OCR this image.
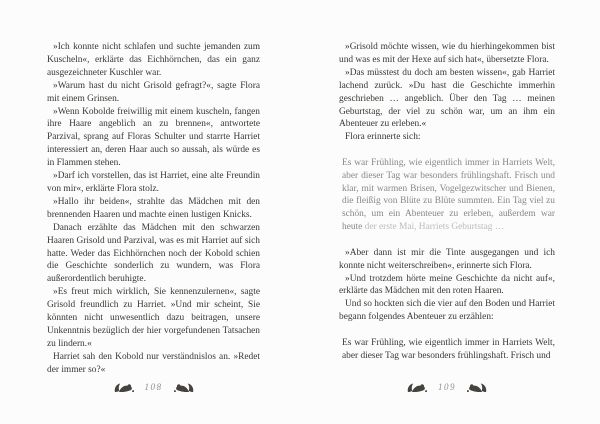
»Ich konnte nicht schlafen und suchte jemanden zum Kuscheln«, erklärte das Eichhörnchen, das ein ganz ausgezeichneter Kuschler war.

»Warum hast du nicht Grisold gefragt?«, sagte Flora mit einem Grinsen.

»Wenn Kobolde freiwillig mit einem kuscheln, fangen ihre Haare angeblich an zu brennen«, antwortete Parzival, sprang auf Floras Schulter und starrte Harriet interessiert an, deren Haar auch so aussah, als würde es in Flammen stehen.

»Darf ich vorstellen, das ist Harriet, eine alte Freundin von mir«, erklärte Flora stolz.

»Hallo ihr beiden«, strahlte das Mädchen mit den brennenden Haaren und machte einen lustigen Knicks.

Danach erzählte das Mädchen mit den schwarzen Haaren Grisold und Parzival, was es mit Harriet auf sich hatte. Weder das Eichhörnchen noch der Kobold schien die Geschichte sonderlich zu wundern, was Flora außerordentlich beruhigte.

»Es freut mich wirklich, Sie kennenzulernen«, sagte Grisold freundlich zu Harriet. »Und mir scheint, Sie könnten nicht unwesentlich dazu beitragen, unsere Unkenntnis bezüglich der hier vorgefundenen Tatsachen zu lindern.«

Harriet sah den Kobold nur verständnislos an. »Redet der immer so?«

»Grisold möchte wissen, wie du hierhingekommen bist und was es mit der Hexe auf sich hat«, übersetzte Flora.

»Das müsstest du doch am besten wissen«, gab Harriet lachend zurück. »Du hast die Geschichte immerhin geschrieben … angeblich. Über den Tag … meinen Geburtstag, der viel zu schön war, um an ihm ein Abenteuer zu erleben.«

Flora erinnerte sich:

Es war Frühling, wie eigentlich immer in Harriets Welt, aber dieser Tag war besonders frühlingshaft. Frisch und klar, mit warmen Brisen, Vogelgezwitscher und Bienen, die fleißig von Blüte zu Blüte summten. Ein Tag viel zu schön, um ein Abenteuer zu erleben, außerdem war heute der erste Mai, Harriets Geburtstag …

»Aber dann ist mir die Tinte ausgegangen und ich konnte nicht weiterschreiben«, erinnerte sich Flora.

»Und trotzdem hörte meine Geschichte da nicht auf«, erklärte das Mädchen mit den roten Haaren.

Und so hockten sich die vier auf den Boden und Harriet begann folgendes Abenteuer zu erzählen:

Es war Frühling, wie eigentlich immer in Harriets Welt, aber dieser Tag war besonders frühlingshaft. Frisch und

108	109
